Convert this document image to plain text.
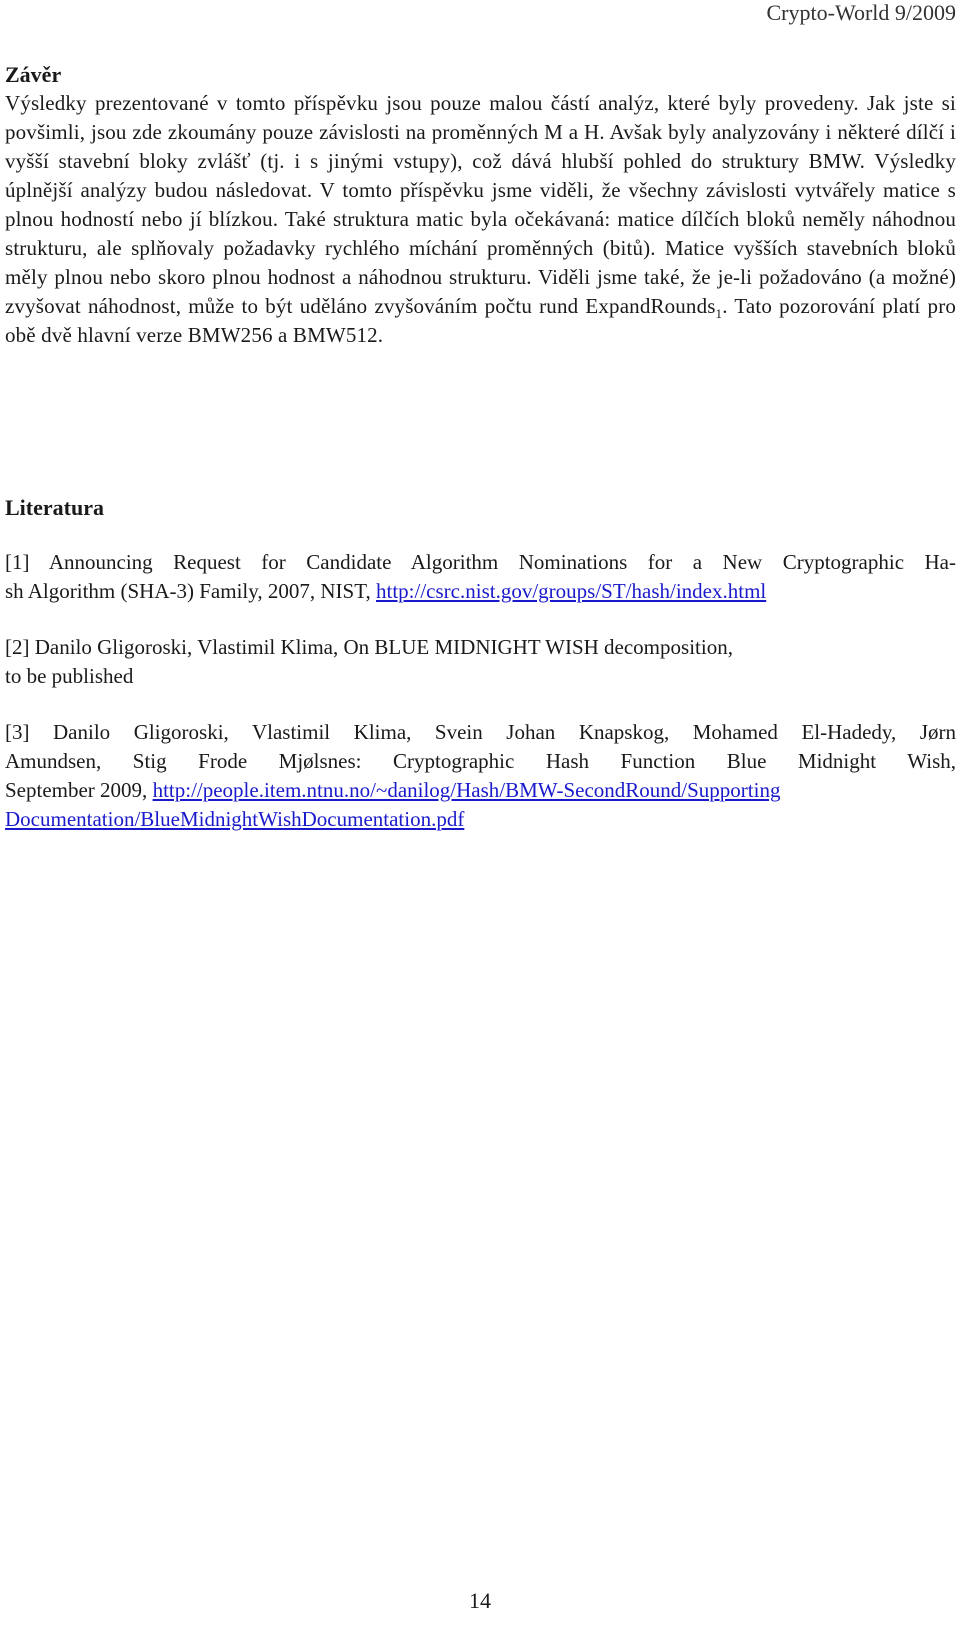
Crypto-World 9/2009
Závěr

Výsledky prezentované v tomto příspěvku jsou pouze malou částí analýz, které byly provedeny. Jak jste si povšimli, jsou zde zkoumány pouze závislosti na proměnných M a H. Avšak byly analyzovány i některé dílčí i vyšší stavební bloky zvlášť (tj. i s jinými vstupy), což dává hlubší pohled do struktury BMW. Výsledky úplnější analýzy budou následovat. V tomto příspěvku jsme viděli, že všechny závislosti vytvářely matice s plnou hodností nebo jí blízkou. Také struktura matic byla očekávaná: matice dílčích bloků neměly náhodnou strukturu, ale splňovaly požadavky rychlého míchání proměnných (bitů). Matice vyšších stavebních bloků měly plnou nebo skoro plnou hodnost a náhodnou strukturu. Viděli jsme také, že je-li požadováno (a možné) zvyšovat náhodnost, může to být uděláno zvyšováním počtu rund ExpandRounds$_1$. Tato pozorování platí pro obě dvě hlavní verze BMW256 a BMW512.

Literatura

[1] Announcing Request for Candidate Algorithm Nominations for a New Cryptographic Ha-
sh Algorithm (SHA-3) Family, 2007, NIST, http://csrc.nist.gov/groups/ST/hash/index.html

[2] Danilo Gligoroski, Vlastimil Klima, On BLUE MIDNIGHT WISH decomposition,
to be published

[3] Danilo Gligoroski, Vlastimil Klima, Svein Johan Knapskog, Mohamed El-Hadedy, Jørn
Amundsen, Stig Frode Mjølsnes: Cryptographic Hash Function Blue Midnight Wish,
September 2009, http://people.item.ntnu.no/~danilog/Hash/BMW-SecondRound/Supporting
Documentation/BlueMidnightWishDocumentation.pdf

14
